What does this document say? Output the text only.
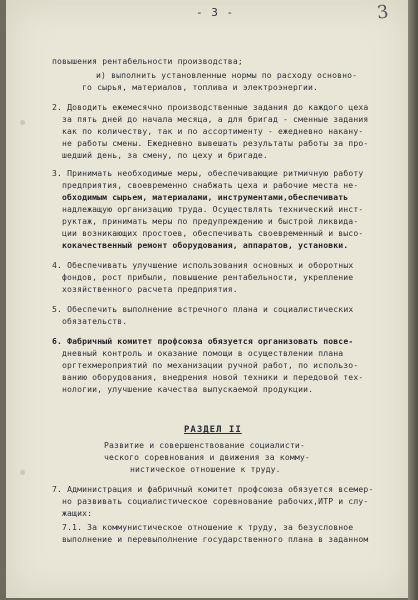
- 3 -	3
РАЗДЕЛ II
повышения рентабельности производства;
и) выполнить установленные нормы по расходу основно-
го сырья, материалов, топлива и электроэнергии.
2. Доводить ежемесячно производственные задания до каждого цеха
за пять дней до начала месяца, а для бригад - сменные задания
как по количеству, так и по ассортименту - ежедневно накану-
не работы смены. Ежедневно вывешать результаты работы за про-
шедший день, за смену, по цеху и бригаде.
3. Принимать необходимые меры, обеспечивающие ритмичную работу
предприятия, своевременно снабжать цеха и рабочие места не-
обходимым сырьем, материалами, инструментами,обеспечивать
надлежащую организацию труда. Осуществлять технический инст-
руктаж, принимать меры по предупреждению и быстрой ликвида-
ции возникающих простоев, обеспечивать своевременный и высо-
кокачественный ремонт оборудования, аппаратов, установки.
4. Обеспечивать улучшение использования основных и оборотных
фондов, рост прибыли, повышение рентабельности, укрепление
хозяйственного расчета предприятия.
5. Обеспечить выполнение встречного плана и социалистических
обязательств.
6. Фабричный комитет профсоюза обязуется организовать повсе-
дневный контроль и оказание помощи в осуществлении плана
оргтехмероприятий по механизации ручной работ, по использо-
ванию оборудования, внедрения новой техники и передовой тех-
нологии, улучшение качества выпускаемой продукции.
Развитие и совершенствование социалисти-
ческого соревнования и движения за комму-
нистическое отношение к труду.
7. Администрация и фабричный комитет профсоюза обязуется всемер-
но развивать социалистическое соревнование рабочих,ИТР и слу-
жащих:
7.1. За коммунистическое отношение к труду, за безусловное
выполнение и перевыполнение государственного плана в заданном
